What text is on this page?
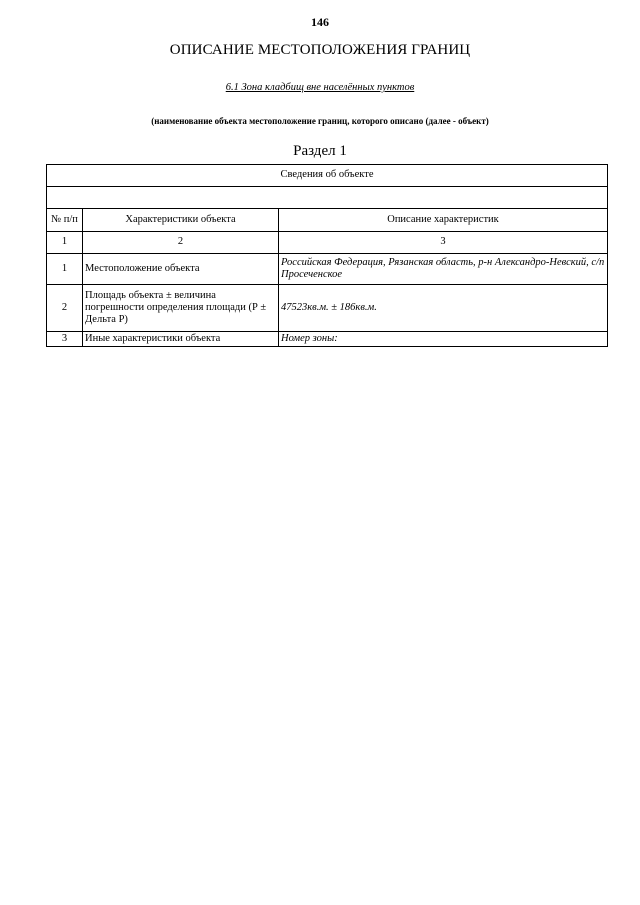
146
ОПИСАНИЕ МЕСТОПОЛОЖЕНИЯ ГРАНИЦ
6.1 Зона кладбищ вне населённых пунктов
(наименование объекта местоположение границ, которого описано (далее - объект)
Раздел 1
Сведения об объекте		

№ п/п	Характеристики объекта	Описание характеристик
1	2	3
1	Местоположение объекта	Российская Федерация, Рязанская область, р-н Александро-Невский, с/п Просеченское
2	Площадь объекта ± величина погрешности определения площади (Р ± Дельта Р)	47523кв.м. ± 186кв.м.
3	Иные характеристики объекта	Номер зоны:
